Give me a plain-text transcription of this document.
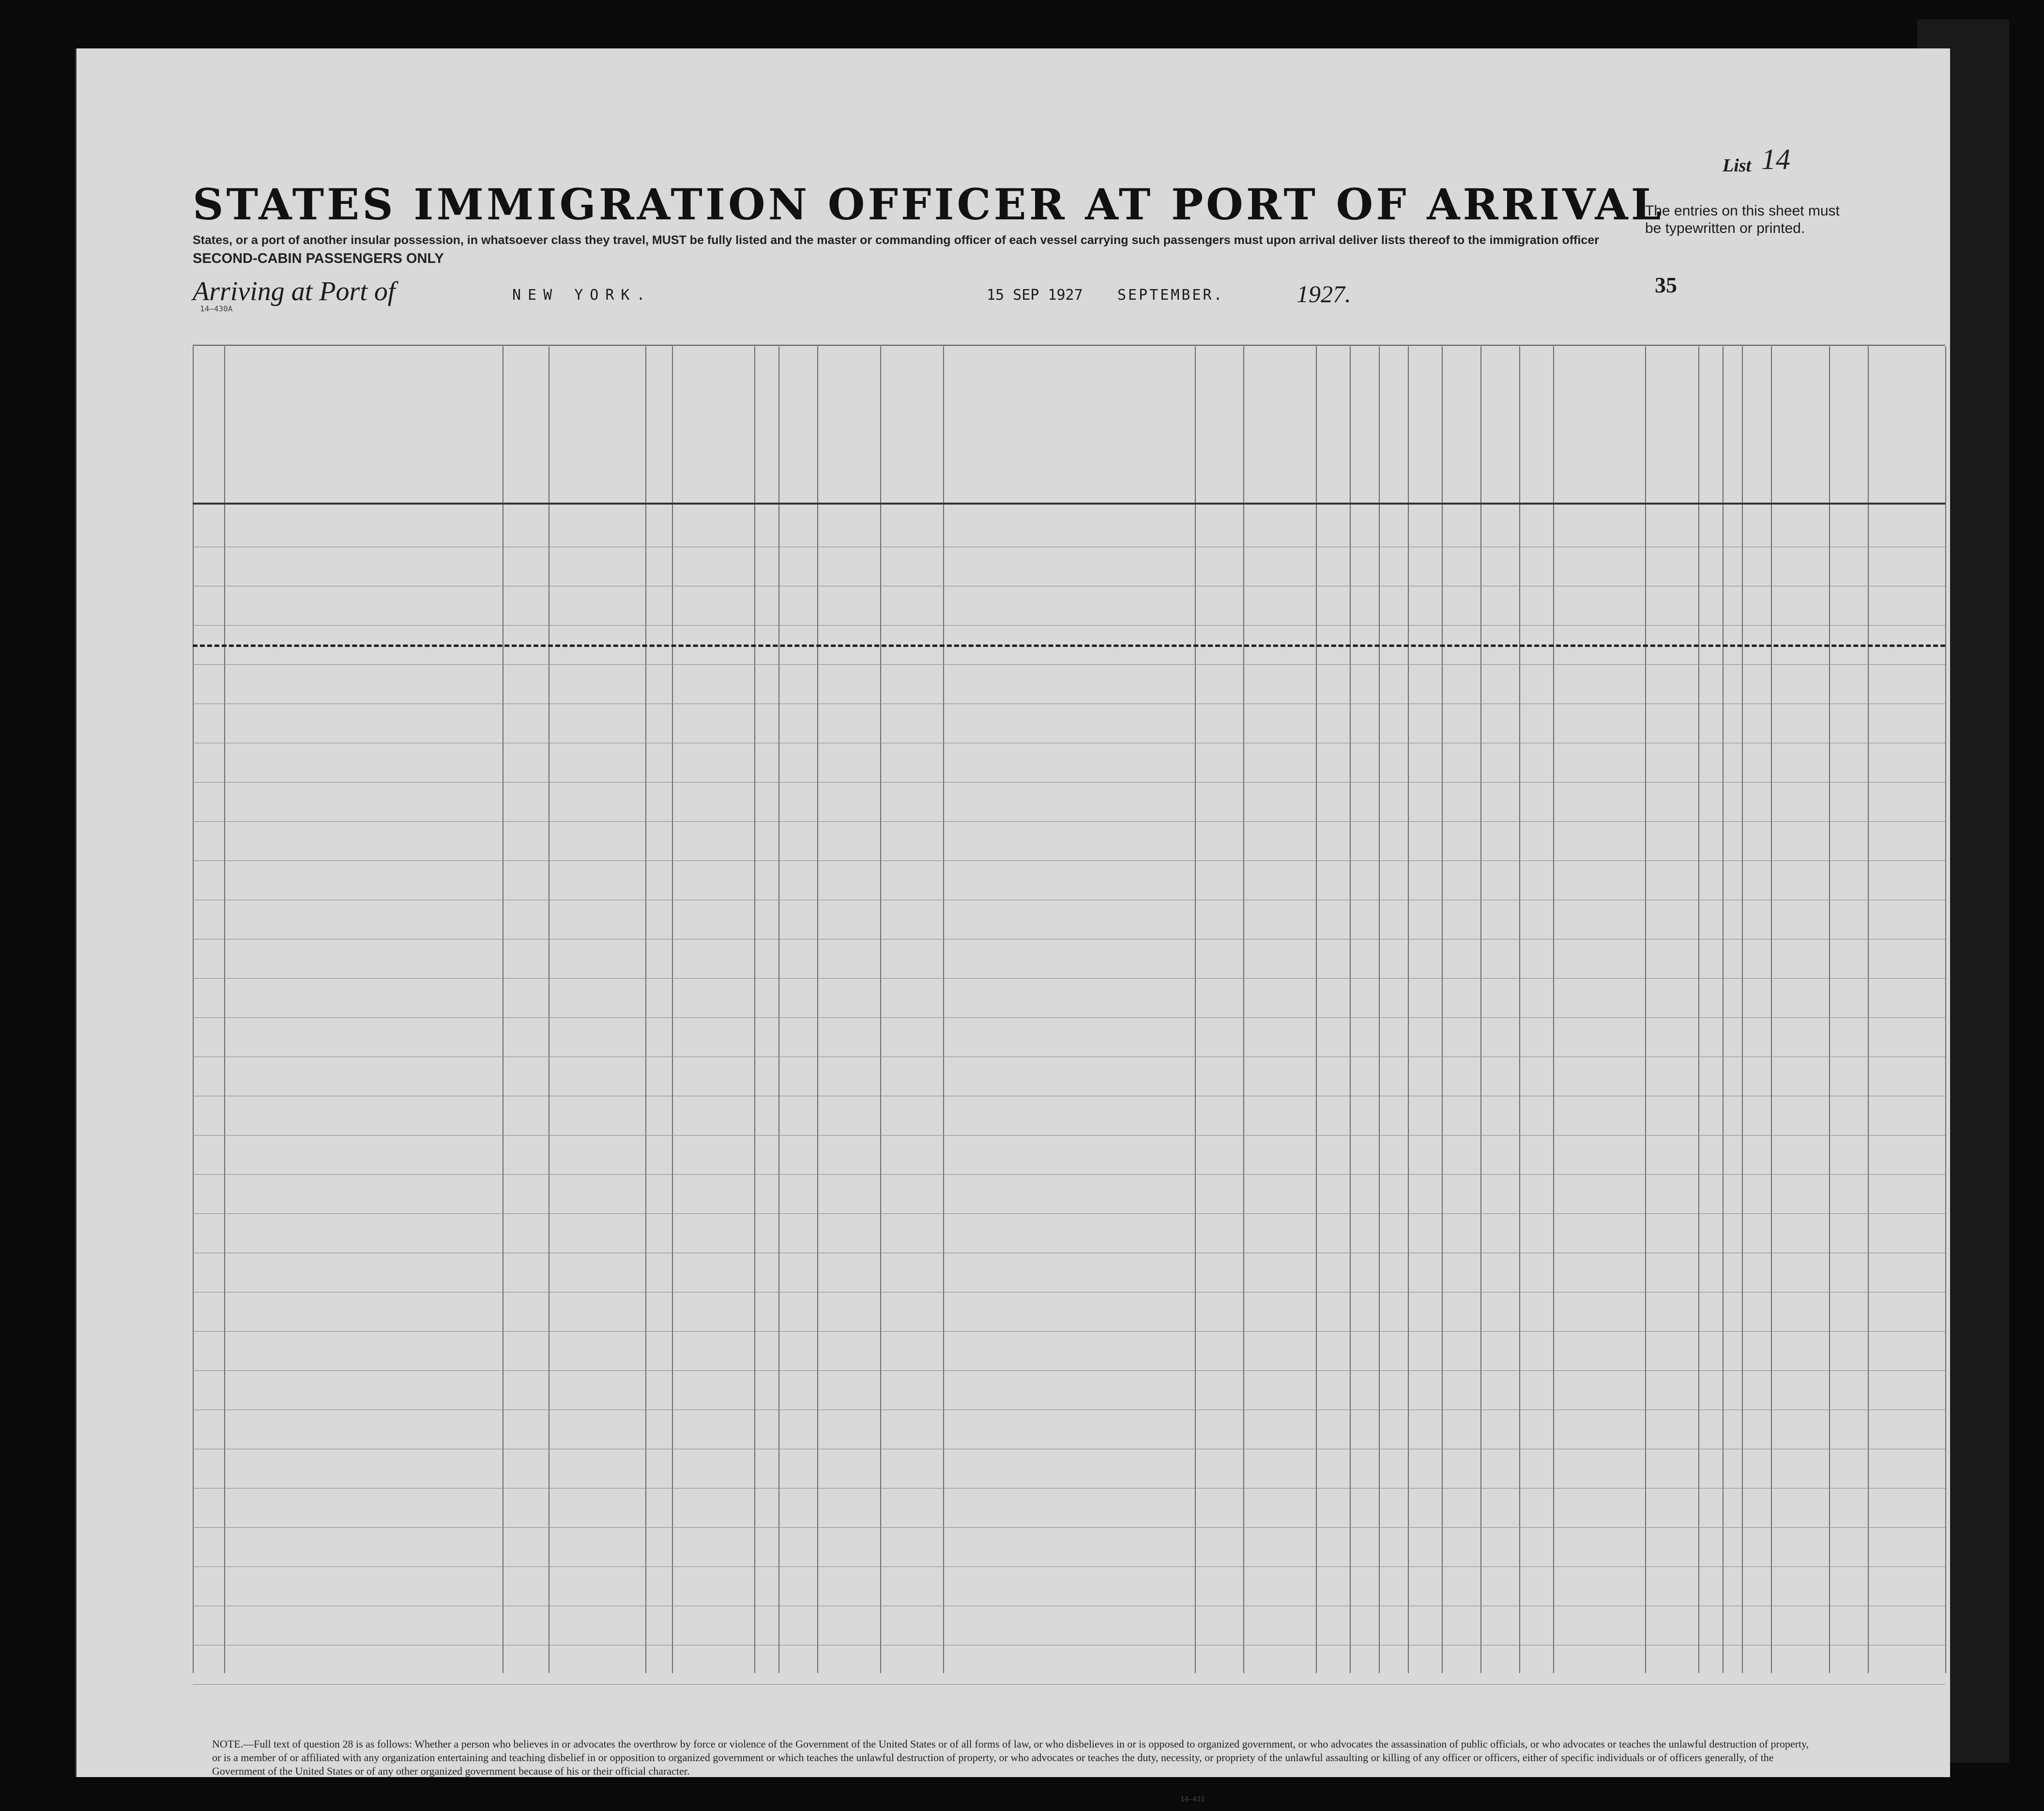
STATES IMMIGRATION OFFICER AT PORT OF ARRIVAL
States, or a port of another insular possession, in whatsoever class they travel, MUST be fully listed and the master or commanding officer of each vessel carrying such passengers must upon arrival deliver lists thereof to the immigration officer
SECOND-CABIN PASSENGERS ONLY
List 14
The entries on this sheet must be typewritten or printed.
Arriving at Port of	NEW YORK.	15 SEP 1927 SEPTEMBER.	1927.	35
14—430A
NOTE.—Full text of question 28 is as follows: Whether a person who believes in or advocates the overthrow by force or violence of the Government of the United States or of all forms of law, or who disbelieves in or is opposed to organized government, or who advocates the assassination of public officials, or who advocates or teaches the unlawful destruction of property, or is a member of or affiliated with any organization entertaining and teaching disbelief in or opposition to organized government or which teaches the unlawful destruction of property, or who advocates or teaches the duty, necessity, or propriety of the unlawful assaulting or killing of any officer or officers, either of specific individuals or of officers generally, of the Government of the United States or of any other organized government because of his or their official character.
14—431
